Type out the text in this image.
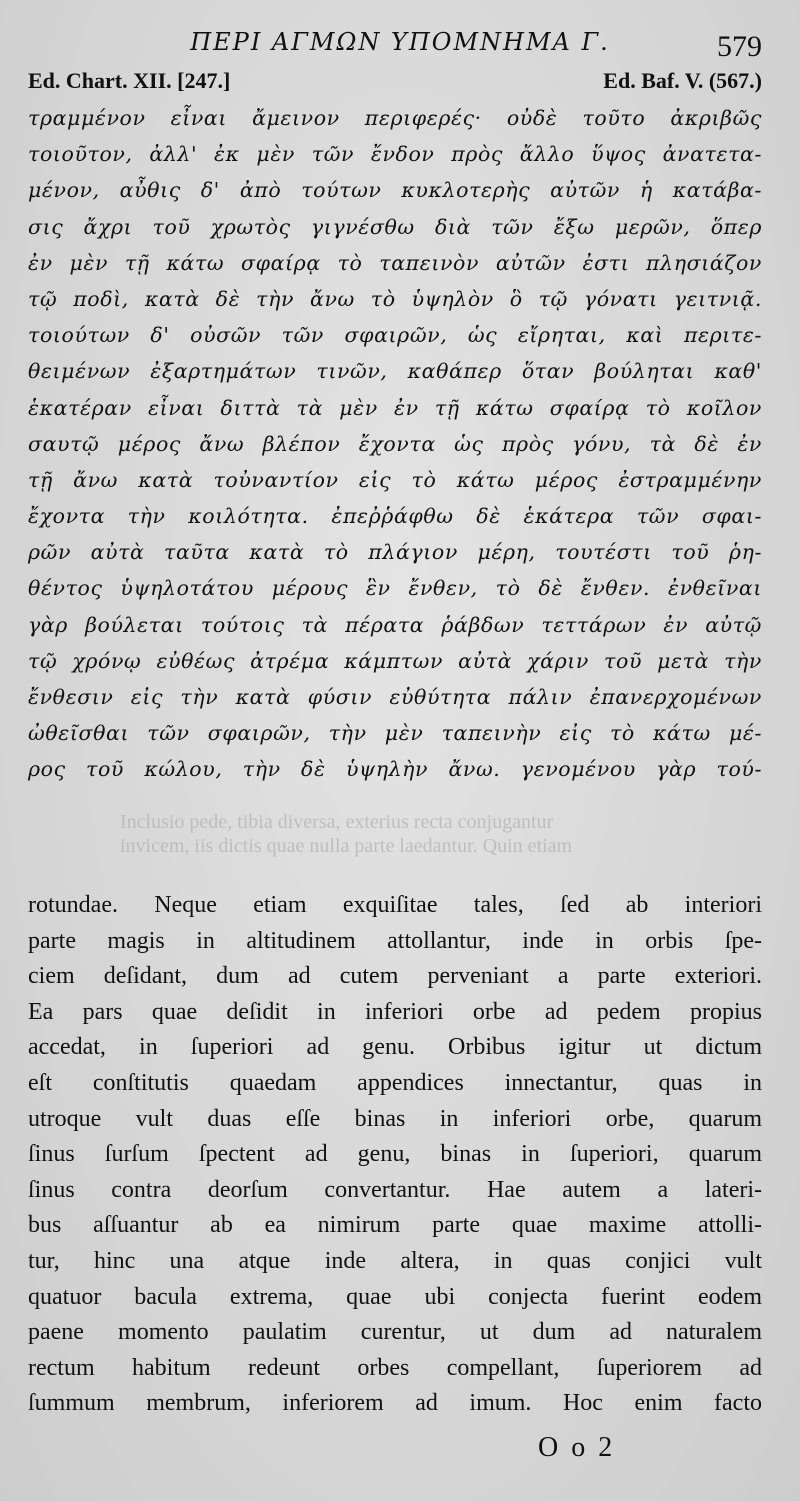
ΠΕΡΙ ΑΓΜΩΝ ΥΠΟΜΝΗΜΑ Γ.	579
Ed. Chart. XII. [247.]	Ed. Baf. V. (567.)
τραμμένον εἶναι ἄμεινον περιφερές· οὐδὲ τοῦτο ἀκριβῶς
τοιοῦτον, ἀλλ' ἐκ μὲν τῶν ἔνδον πρὸς ἄλλο ὕψος ἀνατετα-
μένον, αὖθις δ' ἀπὸ τούτων κυκλοτερὴς αὐτῶν ἡ κατάβα-
σις ἄχρι τοῦ χρωτὸς γιγνέσθω διὰ τῶν ἔξω μερῶν, ὅπερ
ἐν μὲν τῇ κάτω σφαίρᾳ τὸ ταπεινὸν αὐτῶν ἐστι πλησιάζον
τῷ ποδὶ, κατὰ δὲ τὴν ἄνω τὸ ὑψηλὸν ὃ τῷ γόνατι γειτνιᾷ.
τοιούτων δ' οὐσῶν τῶν σφαιρῶν, ὡς εἴρηται, καὶ περιτε-
θειμένων ἐξαρτημάτων τινῶν, καθάπερ ὅταν βούληται καθ'
ἑκατέραν εἶναι διττὰ τὰ μὲν ἐν τῇ κάτω σφαίρᾳ τὸ κοῖλον
σαυτῷ μέρος ἄνω βλέπον ἔχοντα ὡς πρὸς γόνυ, τὰ δὲ ἐν
τῇ ἄνω κατὰ τοὐναντίον εἰς τὸ κάτω μέρος ἐστραμμένην
ἔχοντα τὴν κοιλότητα. ἐπεῤῥάφθω δὲ ἑκάτερα τῶν σφαι-
ρῶν αὐτὰ ταῦτα κατὰ τὸ πλάγιον μέρη, τουτέστι τοῦ ῥη-
θέντος ὑψηλοτάτου μέρους ἓν ἔνθεν, τὸ δὲ ἔνθεν. ἐνθεῖναι
γὰρ βούλεται τούτοις τὰ πέρατα ῥάβδων τεττάρων ἐν αὐτῷ
τῷ χρόνῳ εὐθέως ἀτρέμα κάμπτων αὐτὰ χάριν τοῦ μετὰ τὴν
ἔνθεσιν εἰς τὴν κατὰ φύσιν εὐθύτητα πάλιν ἐπανερχομένων
ὠθεῖσθαι τῶν σφαιρῶν, τὴν μὲν ταπεινὴν εἰς τὸ κάτω μέ-
ρος τοῦ κώλου, τὴν δὲ ὑψηλὴν ἄνω. γενομένου γὰρ τού-
Inclusio pede, tibia diversa, exterius recta conjugantur
invicem, iis dictis quae nulla parte laedantur. Quin etiam
rotundae. Neque etiam exquiſitae tales, ſed ab interiori
parte magis in altitudinem attollantur, inde in orbis ſpe-
ciem deſidant, dum ad cutem perveniant a parte exteriori.
Ea pars quae deſidit in inferiori orbe ad pedem propius
accedat, in ſuperiori ad genu. Orbibus igitur ut dictum
eſt conſtitutis quaedam appendices innectantur, quas in
utroque vult duas eſſe binas in inferiori orbe, quarum
ſinus ſurſum ſpectent ad genu, binas in ſuperiori, quarum
ſinus contra deorſum convertantur. Hae autem a lateri-
bus aſſuantur ab ea nimirum parte quae maxime attolli-
tur, hinc una atque inde altera, in quas conjici vult
quatuor bacula extrema, quae ubi conjecta fuerint eodem
paene momento paulatim curentur, ut dum ad naturalem
rectum habitum redeunt orbes compellant, ſuperiorem ad
ſummum membrum, inferiorem ad imum. Hoc enim facto
O o 2
